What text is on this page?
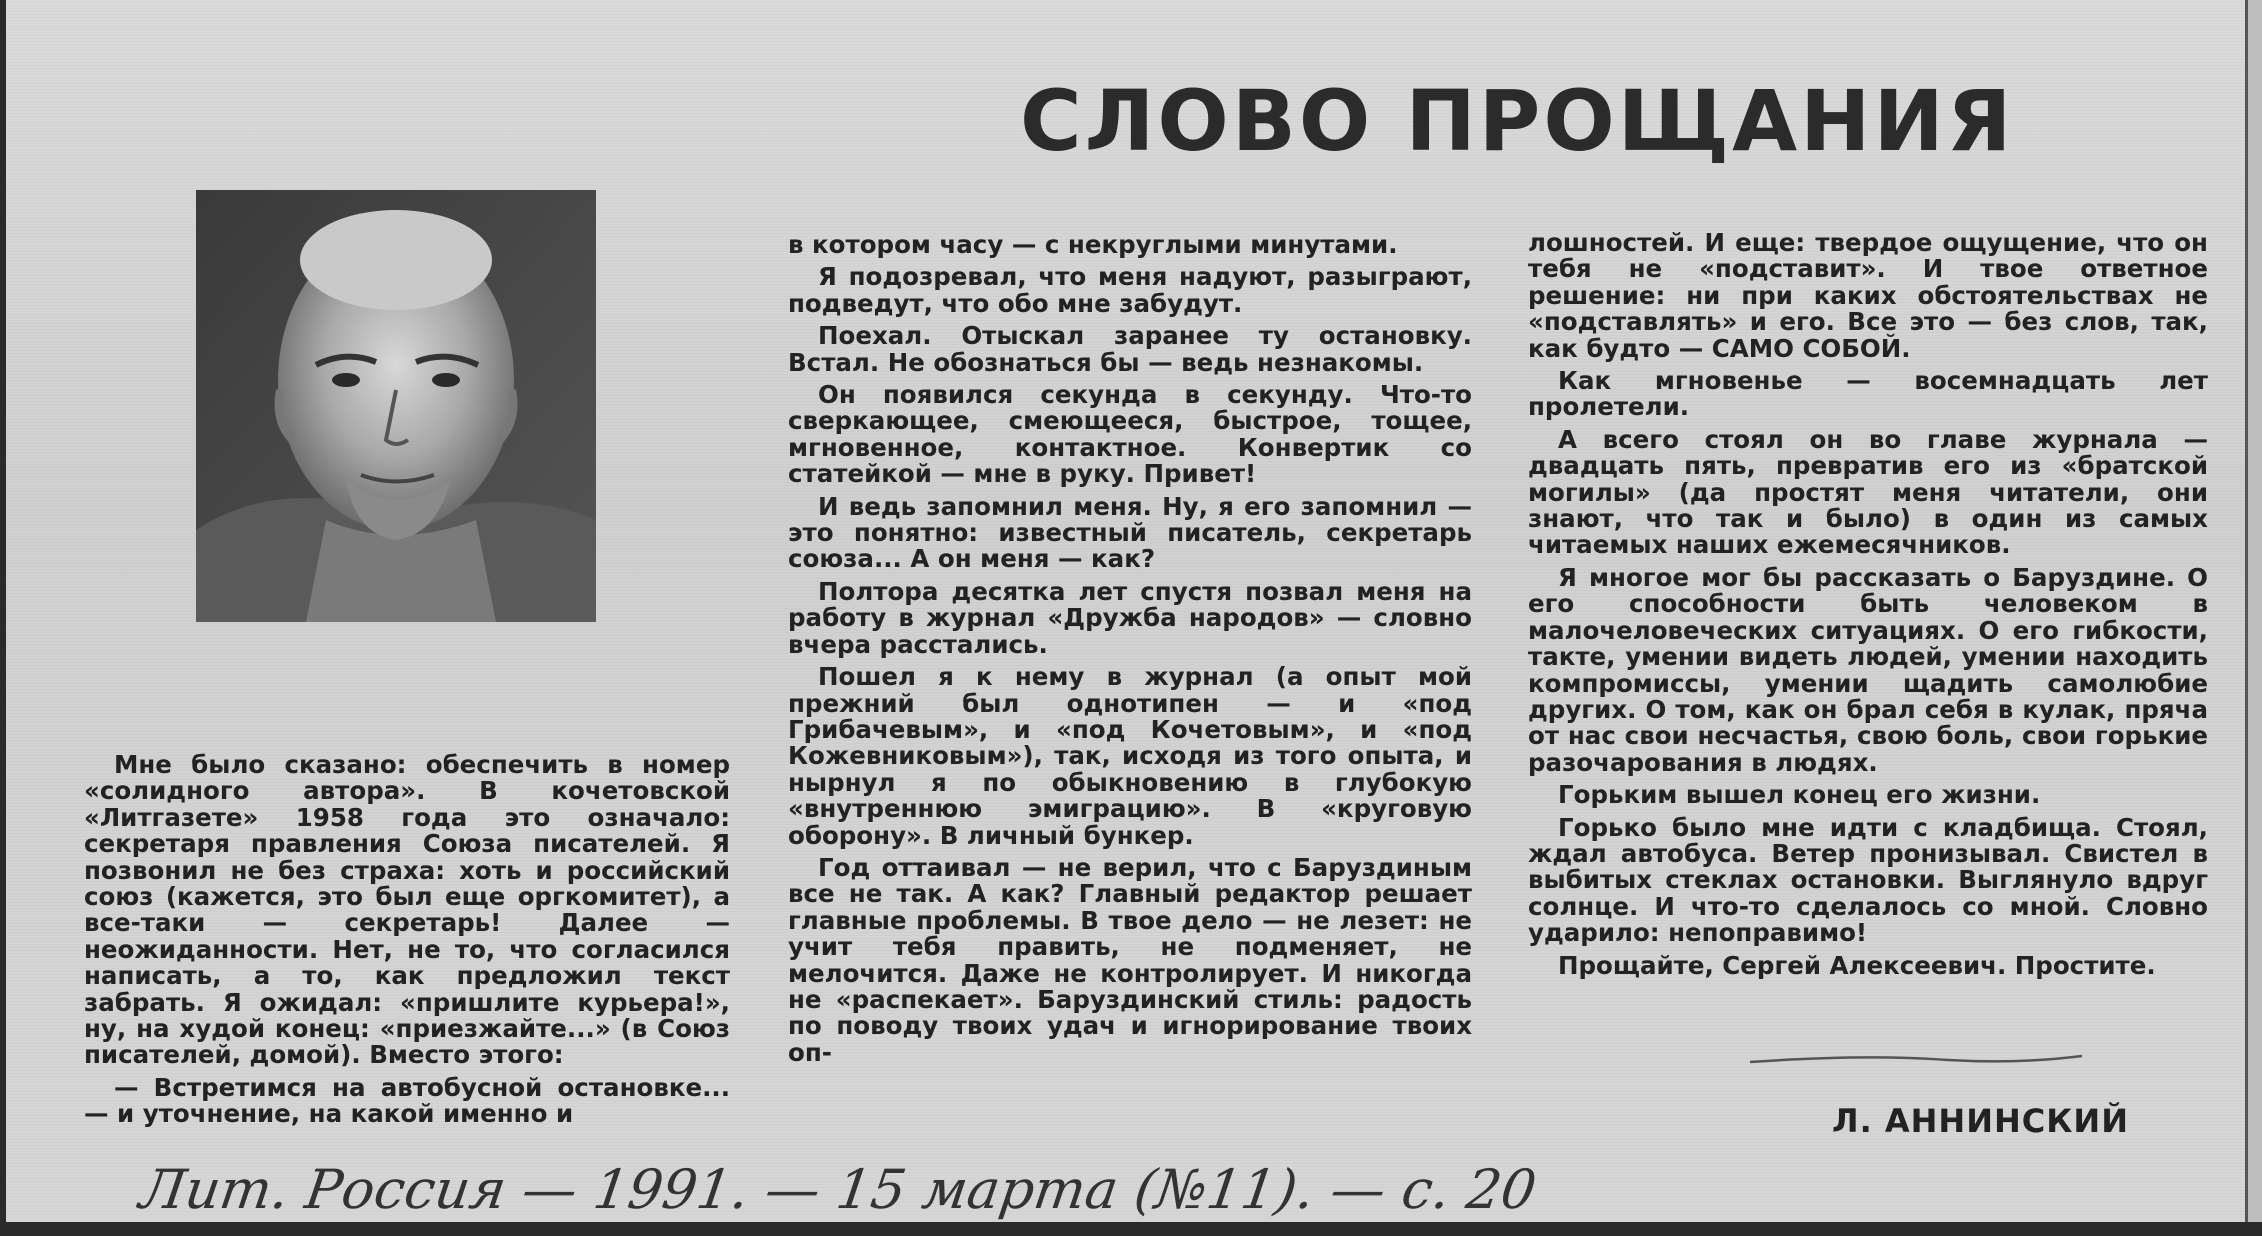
СЛОВО ПРОЩАНИЯ

Мне было сказано: обеспечить в номер «солидного автора». В кочетовской «Литгазете» 1958 года это означало: секретаря правления Союза писателей. Я позвонил не без страха: хоть и российский союз (кажется, это был еще оргкомитет), а все-таки — секретарь! Далее — неожиданности. Нет, не то, что согласился написать, а то, как предложил текст забрать. Я ожидал: «пришлите курьера!», ну, на худой конец: «приезжайте...» (в Союз писателей, домой). Вместо этого:

— Встретимся на автобусной остановке... — и уточнение, на какой именно и

в котором часу — с некруглыми минутами.

Я подозревал, что меня надуют, разыграют, подведут, что обо мне забудут.

Поехал. Отыскал заранее ту остановку. Встал. Не обознаться бы — ведь незнакомы.

Он появился секунда в секунду. Что-то сверкающее, смеющееся, быстрое, тощее, мгновенное, контактное. Конвертик со статейкой — мне в руку. Привет!

И ведь запомнил меня. Ну, я его запомнил — это понятно: известный писатель, секретарь союза... А он меня — как?

Полтора десятка лет спустя позвал меня на работу в журнал «Дружба народов» — словно вчера расстались.

Пошел я к нему в журнал (а опыт мой прежний был однотипен — и «под Грибачевым», и «под Кочетовым», и «под Кожевниковым»), так, исходя из того опыта, и нырнул я по обыкновению в глубокую «внутреннюю эмиграцию». В «круговую оборону». В личный бункер.

Год оттаивал — не верил, что с Баруздиным все не так. А как? Главный редактор решает главные проблемы. В твое дело — не лезет: не учит тебя править, не подменяет, не мелочится. Даже не контролирует. И никогда не «распекает». Баруздинский стиль: радость по поводу твоих удач и игнорирование твоих оп-

лошностей. И еще: твердое ощущение, что он тебя не «подставит». И твое ответное решение: ни при каких обстоятельствах не «подставлять» и его. Все это — без слов, так, как будто — САМО СОБОЙ.

Как мгновенье — восемнадцать лет пролетели.

А всего стоял он во главе журнала — двадцать пять, превратив его из «братской могилы» (да простят меня читатели, они знают, что так и было) в один из самых читаемых наших ежемесячников.

Я многое мог бы рассказать о Баруздине. О его способности быть человеком в малочеловеческих ситуациях. О его гибкости, такте, умении видеть людей, умении находить компромиссы, умении щадить самолюбие других. О том, как он брал себя в кулак, пряча от нас свои несчастья, свою боль, свои горькие разочарования в людях.

Горьким вышел конец его жизни.

Горько было мне идти с кладбища. Стоял, ждал автобуса. Ветер пронизывал. Свистел в выбитых стеклах остановки. Выглянуло вдруг солнце. И что-то сделалось со мной. Словно ударило: непоправимо!

Прощайте, Сергей Алексеевич. Простите.

Л. АННИНСКИЙ
Лит. Россия — 1991. — 15 марта (№11). — с. 20
